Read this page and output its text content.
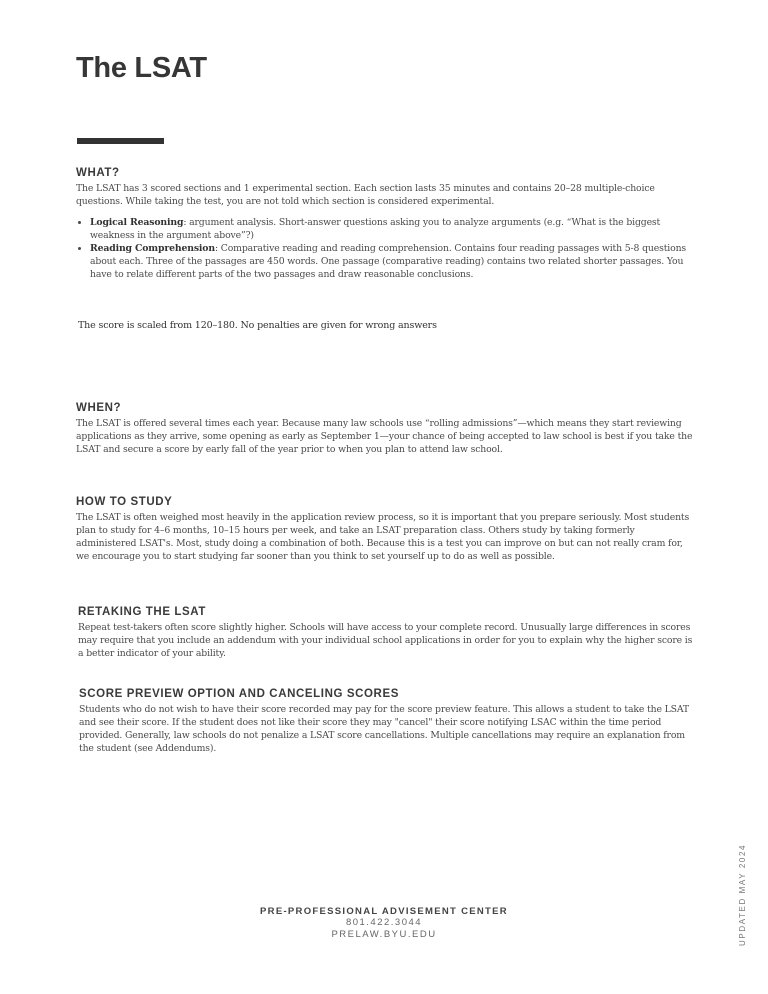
The LSAT
WHAT?

The LSAT has 3 scored sections and 1 experimental section. Each section lasts 35 minutes and contains 20–28 multiple-choice questions. While taking the test, you are not told which section is considered experimental.

• Logical Reasoning: argument analysis. Short-answer questions asking you to analyze arguments (e.g. “What is the biggest weakness in the argument above”?)
• Reading Comprehension: Comparative reading and reading comprehension. Contains four reading passages with 5-8 questions about each. Three of the passages are 450 words. One passage (comparative reading) contains two related shorter passages. You have to relate different parts of the two passages and draw reasonable conclusions.
The score is scaled from 120–180. No penalties are given for wrong answers
WHEN?

The LSAT is offered several times each year. Because many law schools use “rolling admissions”—which means they start reviewing applications as they arrive, some opening as early as September 1—your chance of being accepted to law school is best if you take the LSAT and secure a score by early fall of the year prior to when you plan to attend law school.

HOW TO STUDY

The LSAT is often weighed most heavily in the application review process, so it is important that you prepare seriously. Most students plan to study for 4–6 months, 10–15 hours per week, and take an LSAT preparation class. Others study by taking formerly administered LSAT's. Most, study doing a combination of both. Because this is a test you can improve on but can not really cram for, we encourage you to start studying far sooner than you think to set yourself up to do as well as possible.

RETAKING THE LSAT

Repeat test-takers often score slightly higher. Schools will have access to your complete record. Unusually large differences in scores may require that you include an addendum with your individual school applications in order for you to explain why the higher score is a better indicator of your ability.

SCORE PREVIEW OPTION AND CANCELING SCORES

Students who do not wish to have their score recorded may pay for the score preview feature. This allows a student to take the LSAT and see their score. If the student does not like their score they may "cancel" their score notifying LSAC within the time period provided. Generally, law schools do not penalize a LSAT score cancellations. Multiple cancellations may require an explanation from the student (see Addendums).

PRE-PROFESSIONAL ADVISEMENT CENTER
801.422.3044
PRELAW.BYU.EDU	UPDATED MAY 2024
